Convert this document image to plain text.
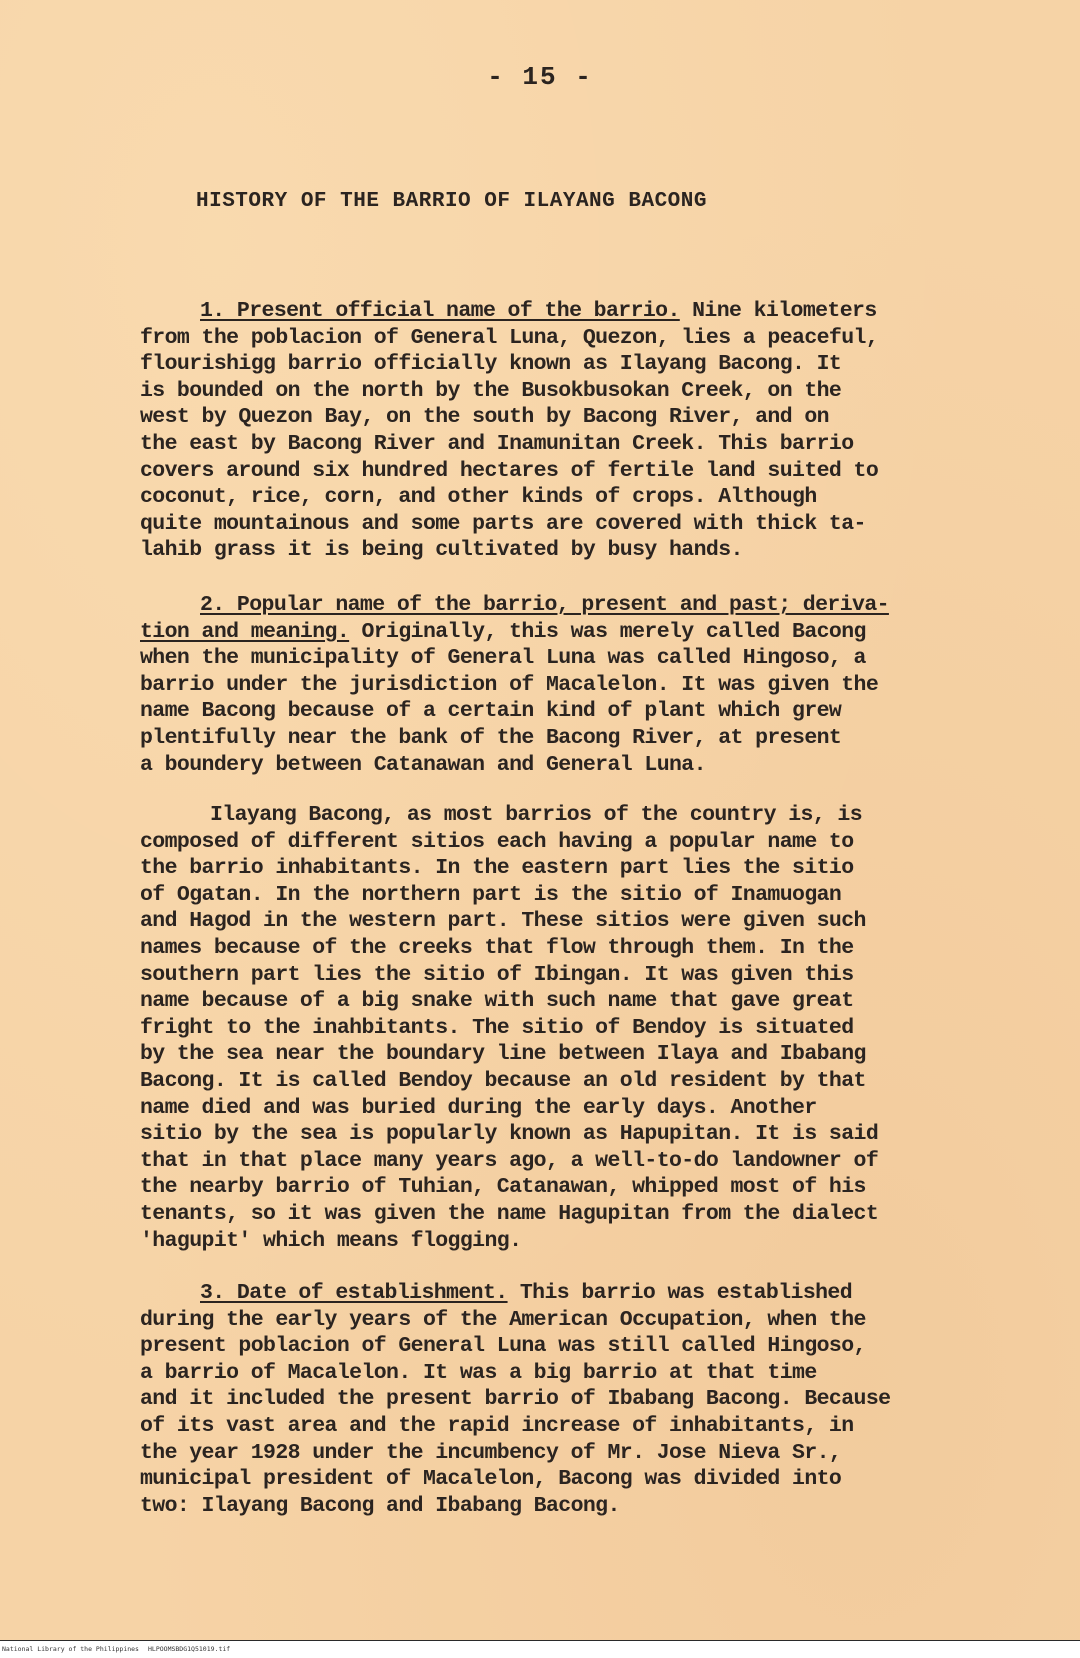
- 15 -
HISTORY OF THE BARRIO OF ILAYANG BACONG
1. Present official name of the barrio. Nine kilometers
from the poblacion of General Luna, Quezon, lies a peaceful,
flourishigg barrio officially known as Ilayang Bacong. It
is bounded on the north by the Busokbusokan Creek, on the
west by Quezon Bay, on the south by Bacong River, and on
the east by Bacong River and Inamunitan Creek. This barrio
covers around six hundred hectares of fertile land suited to
coconut, rice, corn, and other kinds of crops. Although
quite mountainous and some parts are covered with thick ta-
lahib grass it is being cultivated by busy hands.
2. Popular name of the barrio, present and past; deriva-
tion and meaning. Originally, this was merely called Bacong
when the municipality of General Luna was called Hingoso, a
barrio under the jurisdiction of Macalelon. It was given the
name Bacong because of a certain kind of plant which grew
plentifully near the bank of the Bacong River, at present
a boundery between Catanawan and General Luna.
Ilayang Bacong, as most barrios of the country is, is
composed of different sitios each having a popular name to
the barrio inhabitants. In the eastern part lies the sitio
of Ogatan. In the northern part is the sitio of Inamuogan
and Hagod in the western part. These sitios were given such
names because of the creeks that flow through them. In the
southern part lies the sitio of Ibingan. It was given this
name because of a big snake with such name that gave great
fright to the inahbitants. The sitio of Bendoy is situated
by the sea near the boundary line between Ilaya and Ibabang
Bacong. It is called Bendoy because an old resident by that
name died and was buried during the early days. Another
sitio by the sea is popularly known as Hapupitan. It is said
that in that place many years ago, a well-to-do landowner of
the nearby barrio of Tuhian, Catanawan, whipped most of his
tenants, so it was given the name Hagupitan from the dialect
'hagupit' which means flogging.
3. Date of establishment. This barrio was established
during the early years of the American Occupation, when the
present poblacion of General Luna was still called Hingoso,
a barrio of Macalelon. It was a big barrio at that time
and it included the present barrio of Ibabang Bacong. Because
of its vast area and the rapid increase of inhabitants, in
the year 1928 under the incumbency of Mr. Jose Nieva Sr.,
municipal president of Macalelon, Bacong was divided into
two: Ilayang Bacong and Ibabang Bacong.
National Library of the Philippines HLPOOMSBDG1Q51019.tif
